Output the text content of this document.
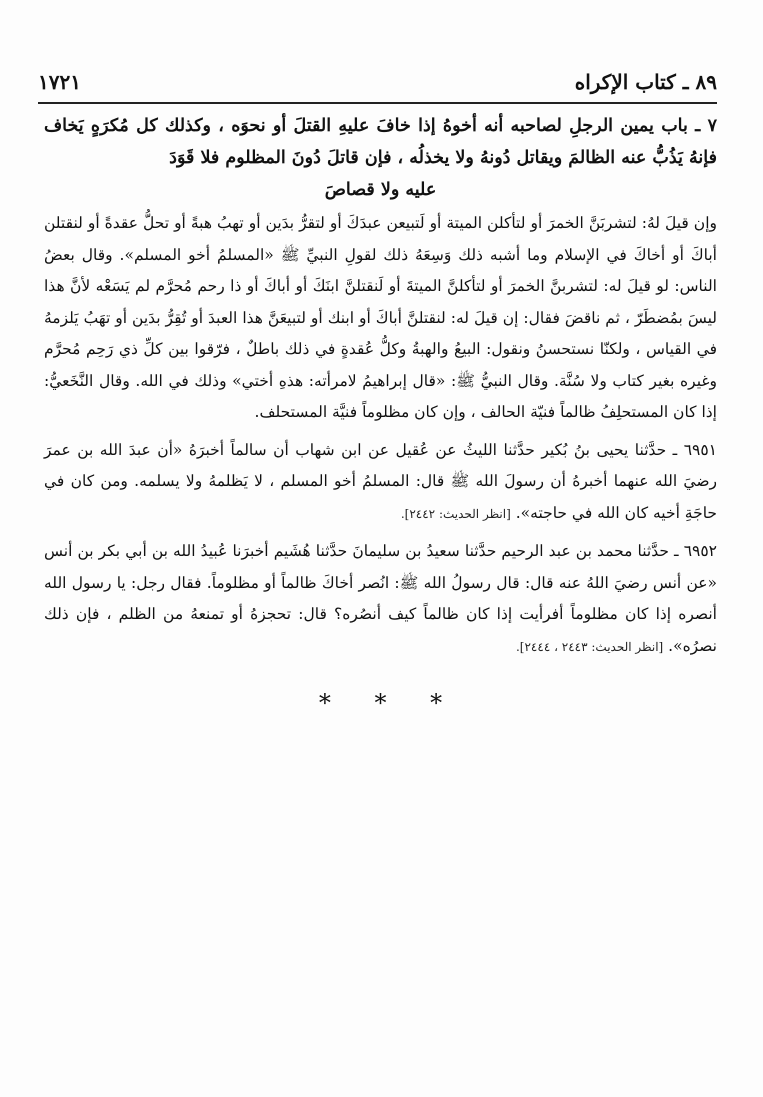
٨٩ ـ كتاب الإكراه
١٧٢١

٧ ـ باب يمين الرجلِ لصاحبه أنه أخوهُ إذا خافَ عليهِ القتلَ أو نحوَه ، وكذلك كل مُكرَهٍ يَخاف فإنهُ يَذُبُّ عنه الظالمَ ويقاتل دُونهُ ولا يخذلُه ، فإن قاتلَ دُونَ المظلوم فلا قَوَدَ
عليه ولا قصاصَ

وإن قيلَ لهُ: لتشربَنَّ الخمرَ أو لتأكلن الميتة أو لَتبيعن عبدَكَ أو لتقرُّ بدَين أو تهبُ هبةً أو تحلُّ عقدةً أو لنقتلن أباكَ أو أخاكَ في الإسلام وما أشبه ذلك وَسِعَهُ ذلك لقولِ النبيِّ ﷺ «المسلمُ أخو المسلم». وقال بعضُ الناس: لو قيلَ له: لتشربنَّ الخمرَ أو لتأكلنَّ الميتةَ أو لَنقتلنَّ ابنَكَ أو أباكَ أو ذا رحم مُحرَّم لم يَسَعْه لأنَّ هذا ليسَ بمُضطَرّ ، ثم ناقضَ فقال: إن قيلَ له: لنقتلنَّ أباكَ أو ابنك أو لتبيعَنَّ هذا العبدَ أو تُقِرُّ بدَين أو تهَبُ يَلزمهُ في القياس ، ولكنّا نستحسنُ ونقول: البيعُ والهبةُ وكلُّ عُقدةٍ في ذلك باطلٌ ، فرّقوا بين كلِّ ذي رَحِم مُحرَّم وغيره بغير كتاب ولا سُنَّة. وقال النبيُّ ﷺ: «قال إبراهيمُ لامرأته: هذهِ أختي» وذلك في الله. وقال النَّخَعيُّ: إذا كان المستحلِفُ ظالماً فنيّة الحالف ، وإن كان مظلوماً فنيَّة المستحلف.

٦٩٥١ ـ حدَّثنا يحيى بنُ بُكير حدَّثنا الليثُ عن عُقيل عن ابن شهاب أن سالماً أخبرَهُ «أن عبدَ الله بن عمرَ رضيَ الله عنهما أخبرهُ أن رسولَ الله ﷺ قال: المسلمُ أخو المسلم ، لا يَظلمهُ ولا يسلمه. ومن كان في حاجَةِ أخيه كان الله في حاجته». [انظر الحديث: ٢٤٤٢].

٦٩٥٢ ـ حدَّثنا محمد بن عبد الرحيم حدَّثنا سعيدُ بن سليمانَ حدَّثنا هُشَيم أخبرَنا عُبيدُ الله بن أبي بكر بن أنس «عن أنس رضيَ اللهُ عنه قال: قال رسولُ الله ﷺ: انُصر أخاكَ ظالماً أو مظلوماً. فقال رجل: يا رسول الله أنصره إذا كان مظلوماً أفرأيت إذا كان ظالماً كيف أنصُره؟ قال: تحجزهُ أو تمنعهُ من الظلم ، فإن ذلك نصرُه». [انظر الحديث: ٢٤٤٣ ، ٢٤٤٤].

* * *
